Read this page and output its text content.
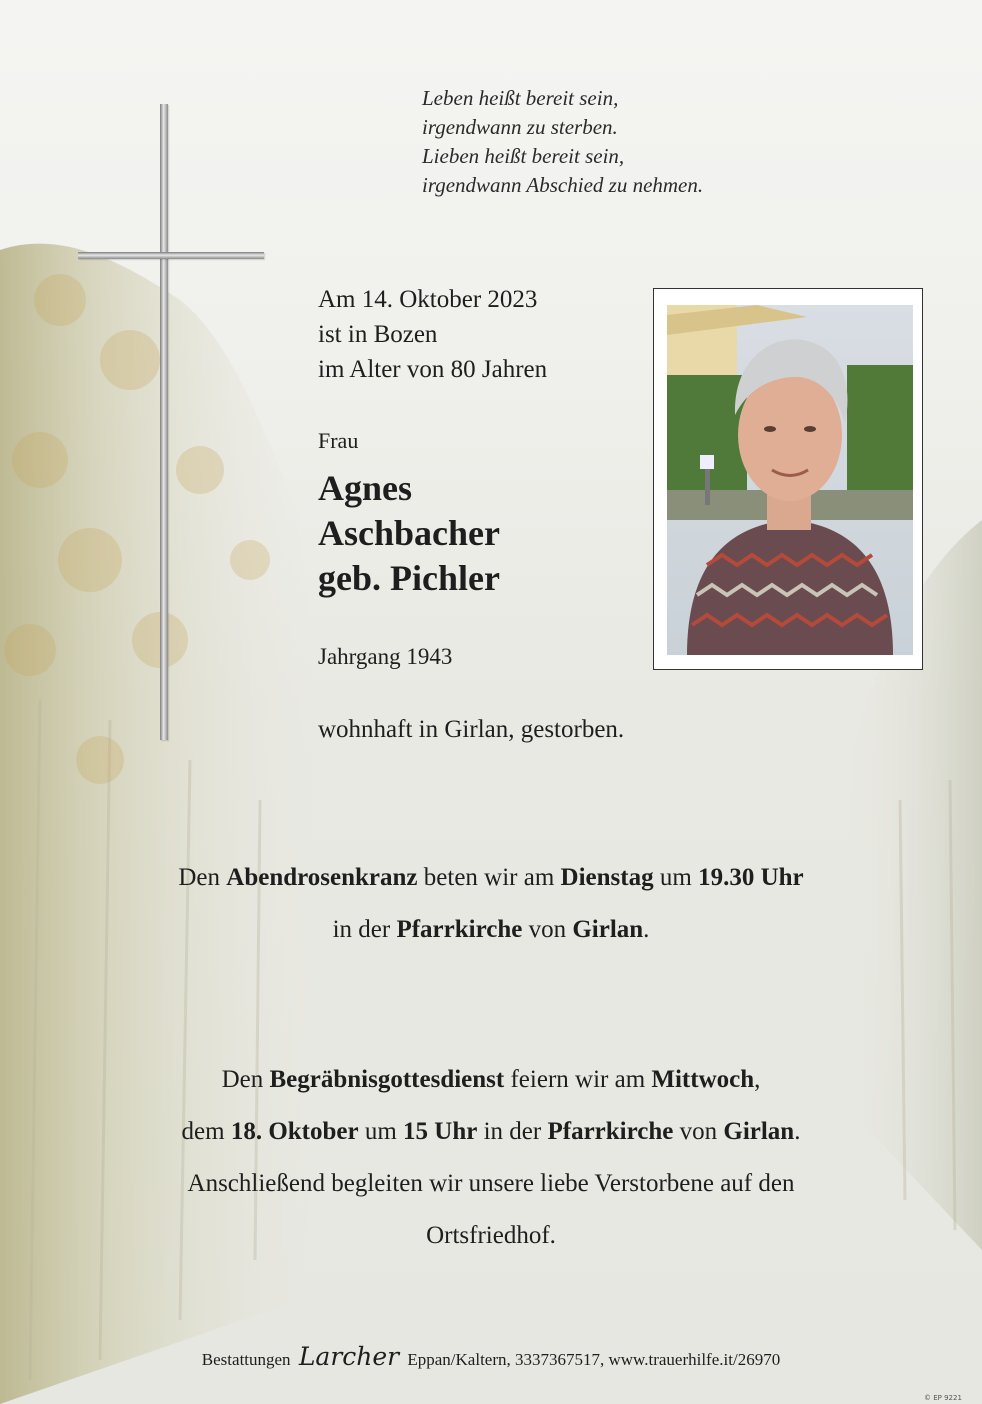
Leben heißt bereit sein,
irgendwann zu sterben.
Lieben heißt bereit sein,
irgendwann Abschied zu nehmen.
Am 14. Oktober 2023
ist in Bozen
im Alter von 80 Jahren
Frau
Agnes
Aschbacher
geb. Pichler
Jahrgang 1943
wohnhaft in Girlan, gestorben.
Den Abendrosenkranz beten wir am Dienstag um 19.30 Uhr
in der Pfarrkirche von Girlan.
Den Begräbnisgottesdienst feiern wir am Mittwoch,
dem 18. Oktober um 15 Uhr in der Pfarrkirche von Girlan.
Anschließend begleiten wir unsere liebe Verstorbene auf den
Ortsfriedhof.
Bestattungen Larcher Eppan/Kaltern, 3337367517, www.trauerhilfe.it/26970
© EP 9221
